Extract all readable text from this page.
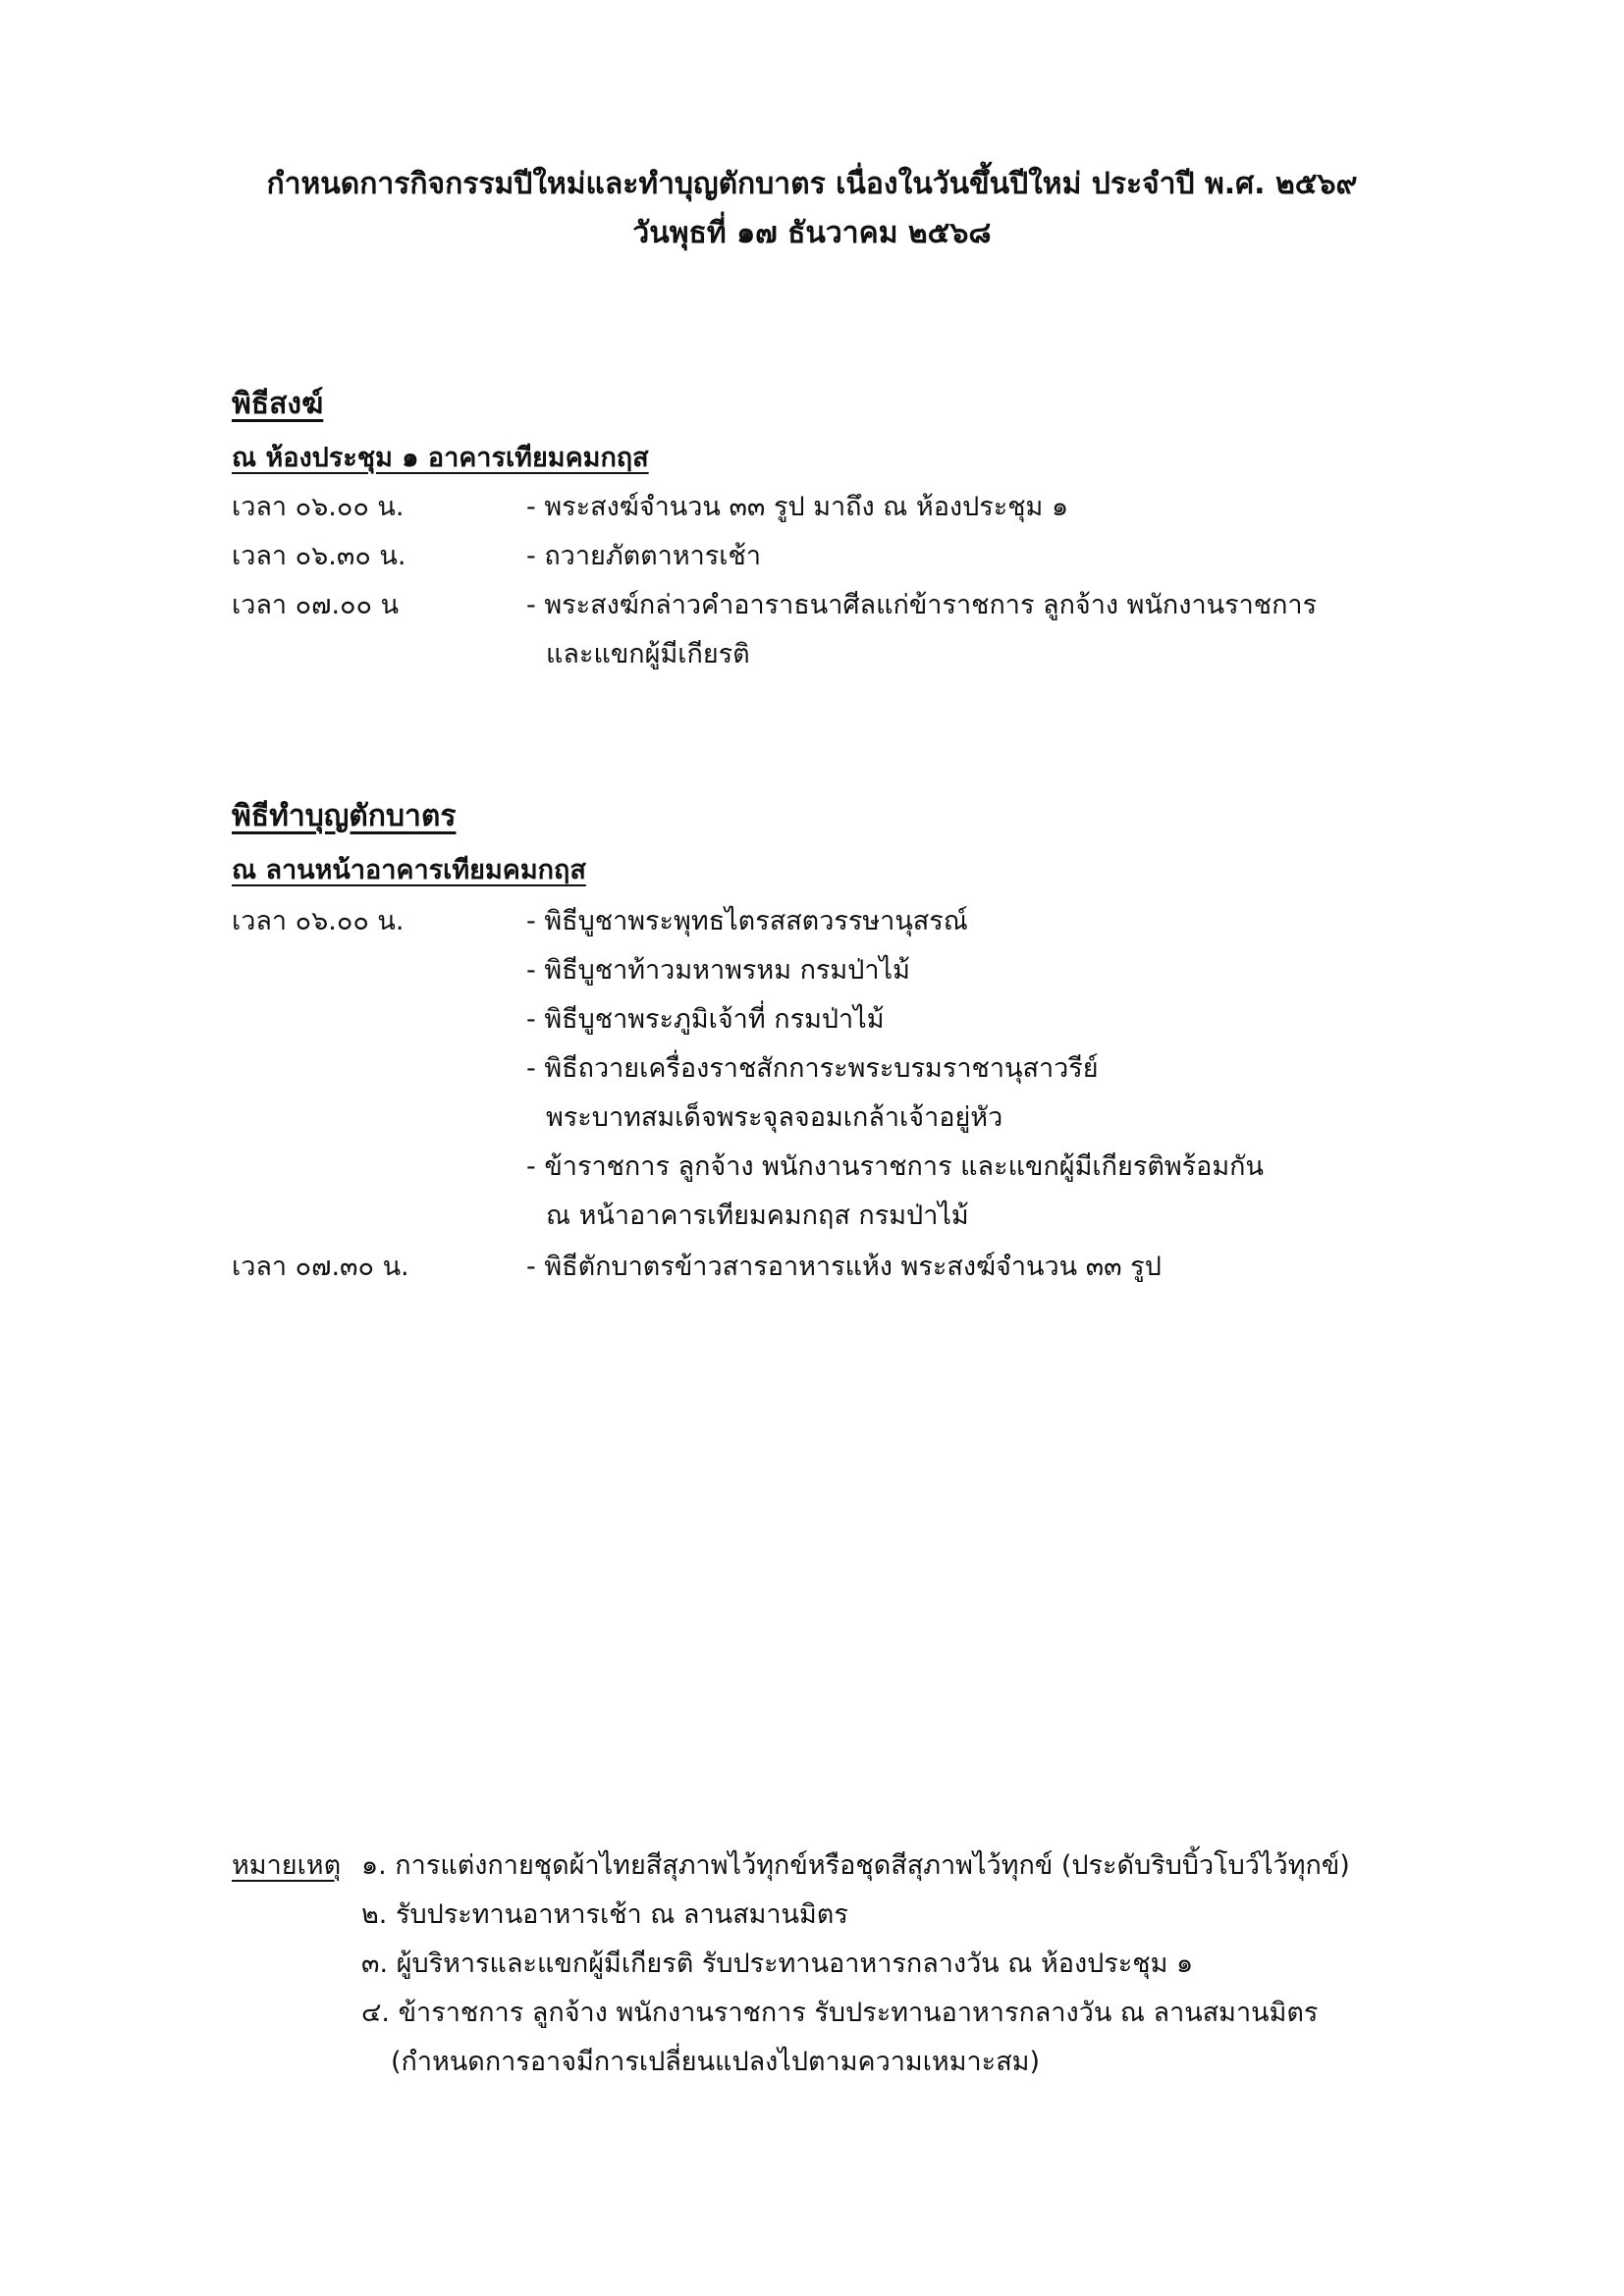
กำหนดการกิจกรรมปีใหม่และทำบุญตักบาตร เนื่องในวันขึ้นปีใหม่ ประจำปี พ.ศ. ๒๕๖๙
วันพุธที่ ๑๗ ธันวาคม ๒๕๖๘
พิธีสงฆ์
ณ ห้องประชุม ๑ อาคารเทียมคมกฤส
เวลา ๐๖.๐๐ น.	- พระสงฆ์จำนวน ๓๓ รูป มาถึง ณ ห้องประชุม ๑
เวลา ๐๖.๓๐ น.	- ถวายภัตตาหารเช้า
เวลา ๐๗.๐๐ น	- พระสงฆ์กล่าวคำอาราธนาศีลแก่ข้าราชการ ลูกจ้าง พนักงานราชการ
และแขกผู้มีเกียรติ
พิธีทำบุญตักบาตร
ณ ลานหน้าอาคารเทียมคมกฤส
เวลา ๐๖.๐๐ น.	- พิธีบูชาพระพุทธไตรสสตวรรษานุสรณ์
- พิธีบูชาท้าวมหาพรหม กรมป่าไม้
- พิธีบูชาพระภูมิเจ้าที่ กรมป่าไม้
- พิธีถวายเครื่องราชสักการะพระบรมราชานุสาวรีย์
พระบาทสมเด็จพระจุลจอมเกล้าเจ้าอยู่หัว
- ข้าราชการ ลูกจ้าง พนักงานราชการ และแขกผู้มีเกียรติพร้อมกัน
ณ หน้าอาคารเทียมคมกฤส กรมป่าไม้
เวลา ๐๗.๓๐ น.	- พิธีตักบาตรข้าวสารอาหารแห้ง พระสงฆ์จำนวน ๓๓ รูป
หมายเหตุ ๑. การแต่งกายชุดผ้าไทยสีสุภาพไว้ทุกข์หรือชุดสีสุภาพไว้ทุกข์ (ประดับริบบิ้วโบว์ไว้ทุกข์)
๒. รับประทานอาหารเช้า ณ ลานสมานมิตร
๓. ผู้บริหารและแขกผู้มีเกียรติ รับประทานอาหารกลางวัน ณ ห้องประชุม ๑
๔. ข้าราชการ ลูกจ้าง พนักงานราชการ รับประทานอาหารกลางวัน ณ ลานสมานมิตร
(กำหนดการอาจมีการเปลี่ยนแปลงไปตามความเหมาะสม)
